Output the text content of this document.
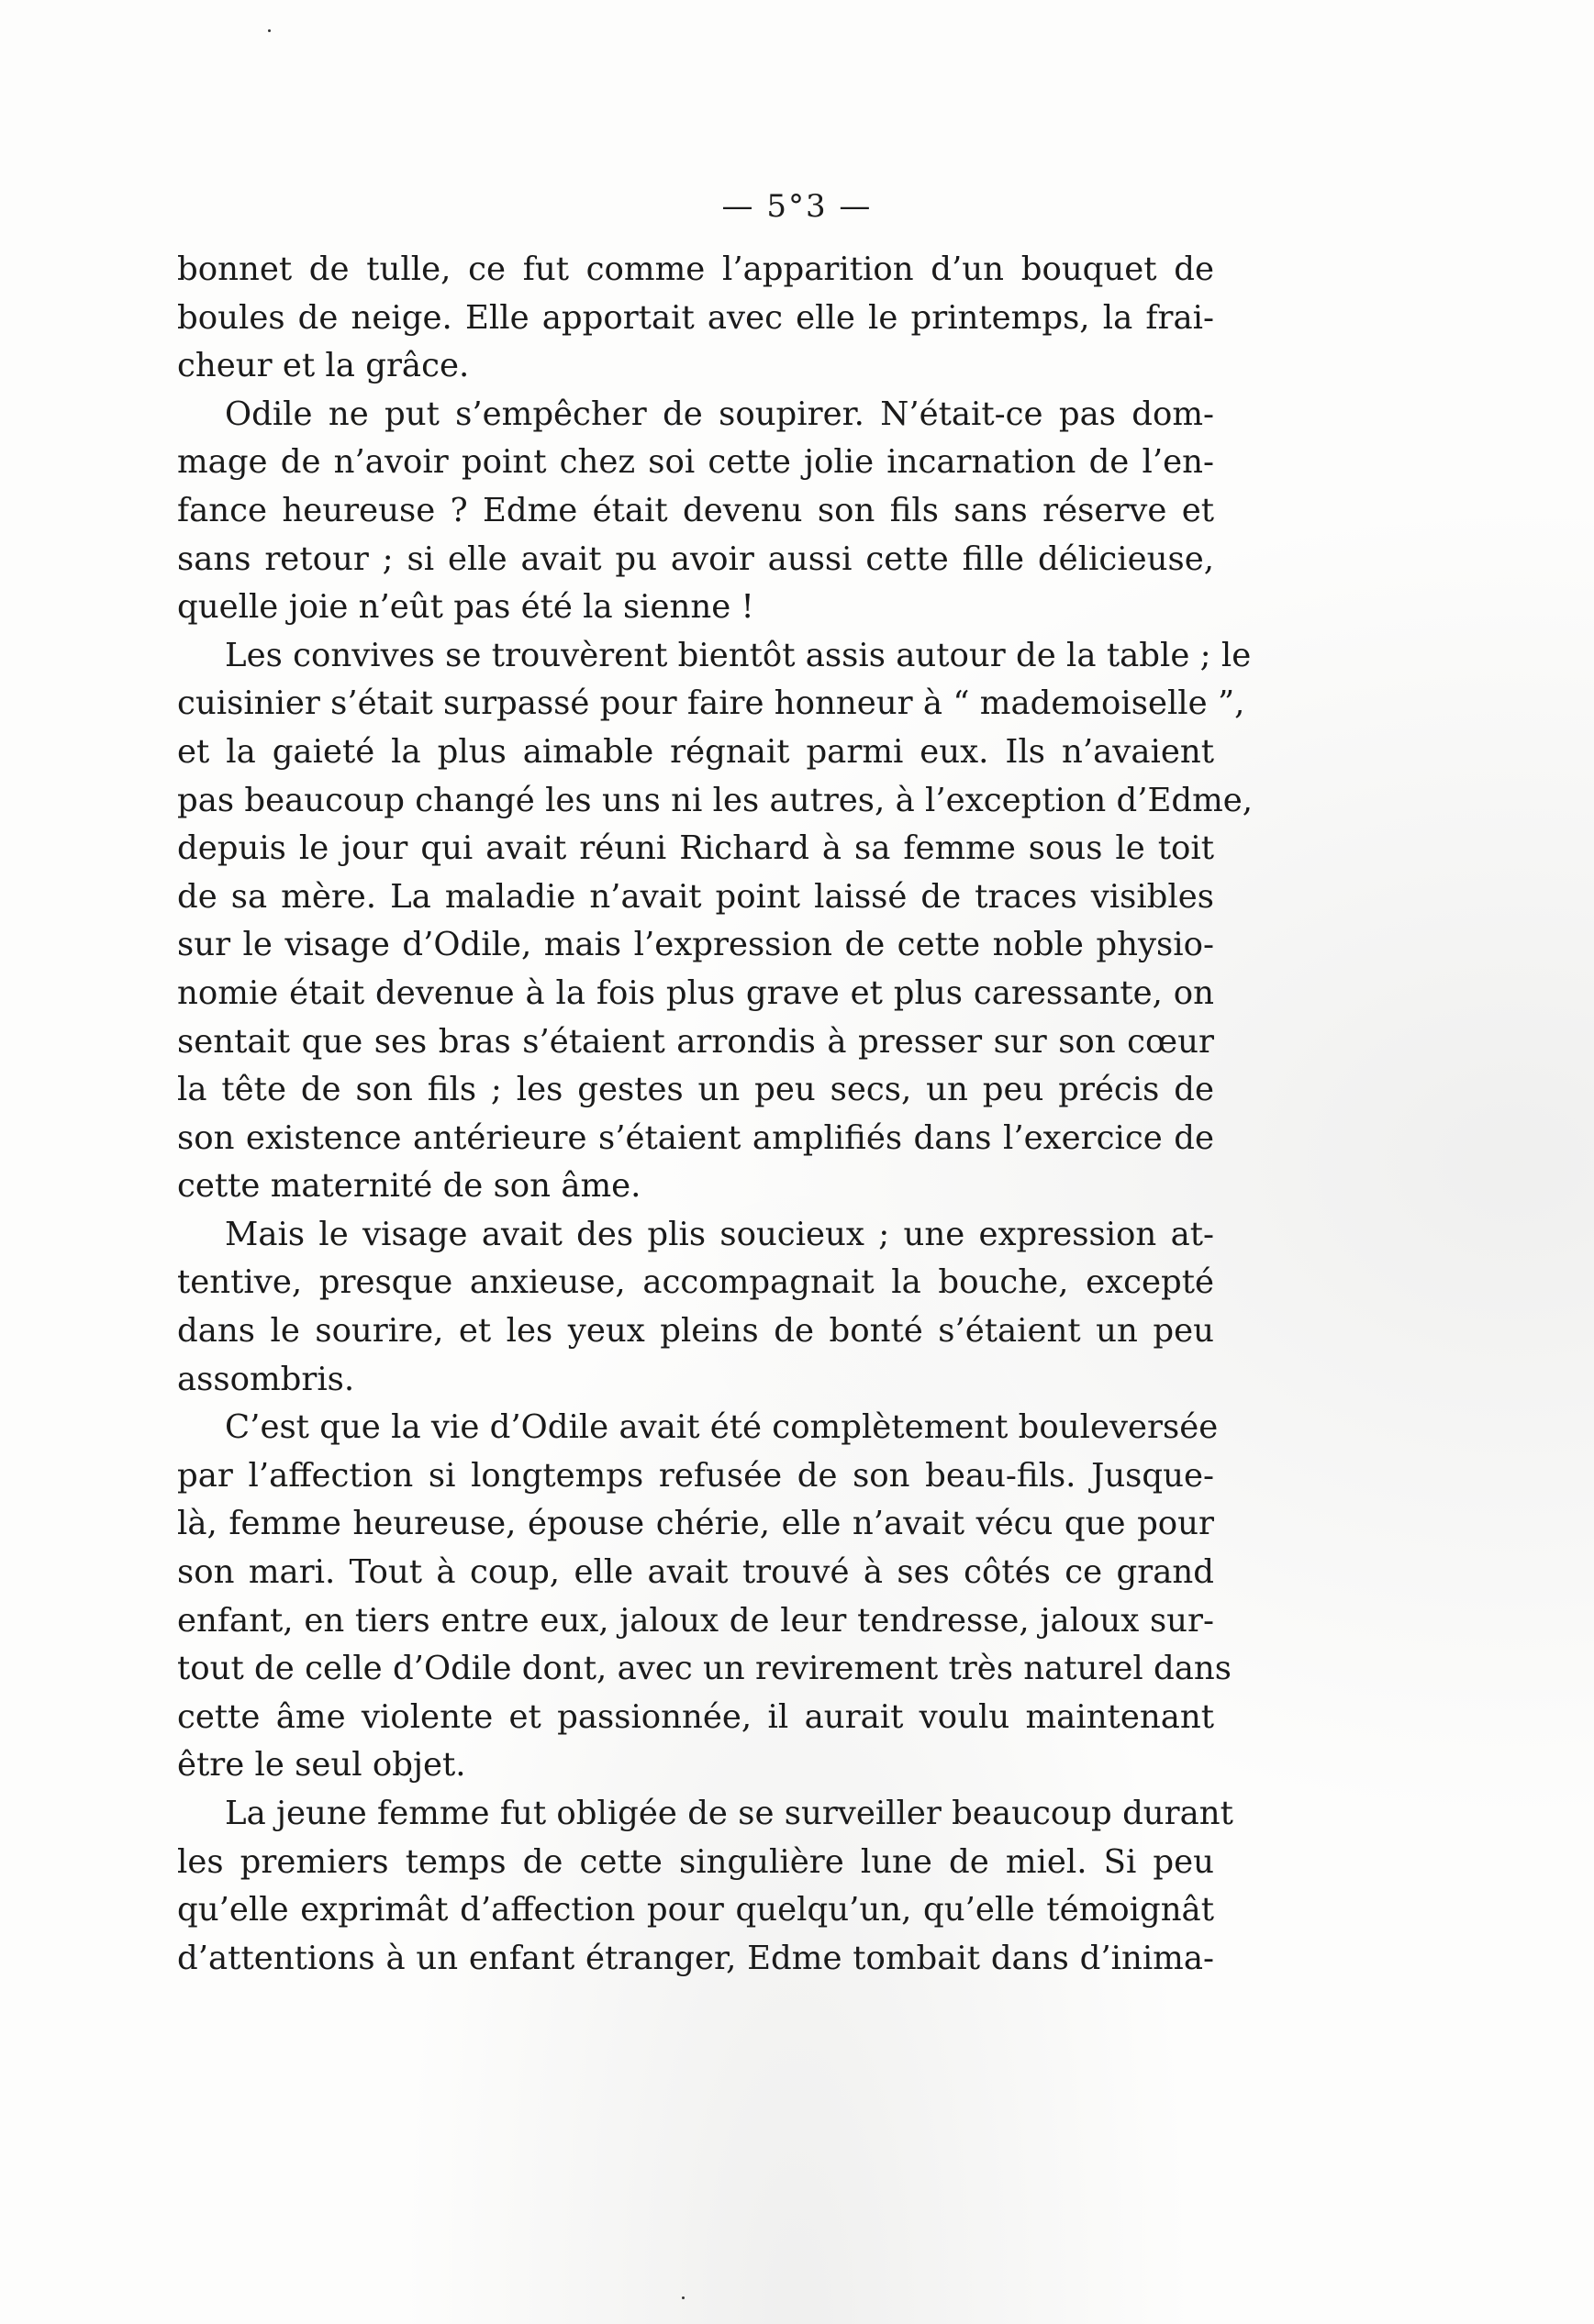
— 5°3 —
bonnet de tulle, ce fut comme l’apparition d’un bouquet de
boules de neige. Elle apportait avec elle le printemps, la frai-
cheur et la grâce.
Odile ne put s’empêcher de soupirer. N’était-ce pas dom-
mage de n’avoir point chez soi cette jolie incarnation de l’en-
fance heureuse ? Edme était devenu son fils sans réserve et
sans retour ; si elle avait pu avoir aussi cette fille délicieuse,
quelle joie n’eût pas été la sienne !
Les convives se trouvèrent bientôt assis autour de la table ; le
cuisinier s’était surpassé pour faire honneur à “ mademoiselle ”,
et la gaieté la plus aimable régnait parmi eux. Ils n’avaient
pas beaucoup changé les uns ni les autres, à l’exception d’Edme,
depuis le jour qui avait réuni Richard à sa femme sous le toit
de sa mère. La maladie n’avait point laissé de traces visibles
sur le visage d’Odile, mais l’expression de cette noble physio-
nomie était devenue à la fois plus grave et plus caressante, on
sentait que ses bras s’étaient arrondis à presser sur son cœur
la tête de son fils ; les gestes un peu secs, un peu précis de
son existence antérieure s’étaient amplifiés dans l’exercice de
cette maternité de son âme.
Mais le visage avait des plis soucieux ; une expression at-
tentive, presque anxieuse, accompagnait la bouche, excepté
dans le sourire, et les yeux pleins de bonté s’étaient un peu
assombris.
C’est que la vie d’Odile avait été complètement bouleversée
par l’affection si longtemps refusée de son beau-fils. Jusque-
là, femme heureuse, épouse chérie, elle n’avait vécu que pour
son mari. Tout à coup, elle avait trouvé à ses côtés ce grand
enfant, en tiers entre eux, jaloux de leur tendresse, jaloux sur-
tout de celle d’Odile dont, avec un revirement très naturel dans
cette âme violente et passionnée, il aurait voulu maintenant
être le seul objet.
La jeune femme fut obligée de se surveiller beaucoup durant
les premiers temps de cette singulière lune de miel. Si peu
qu’elle exprimât d’affection pour quelqu’un, qu’elle témoignât
d’attentions à un enfant étranger, Edme tombait dans d’inima-
